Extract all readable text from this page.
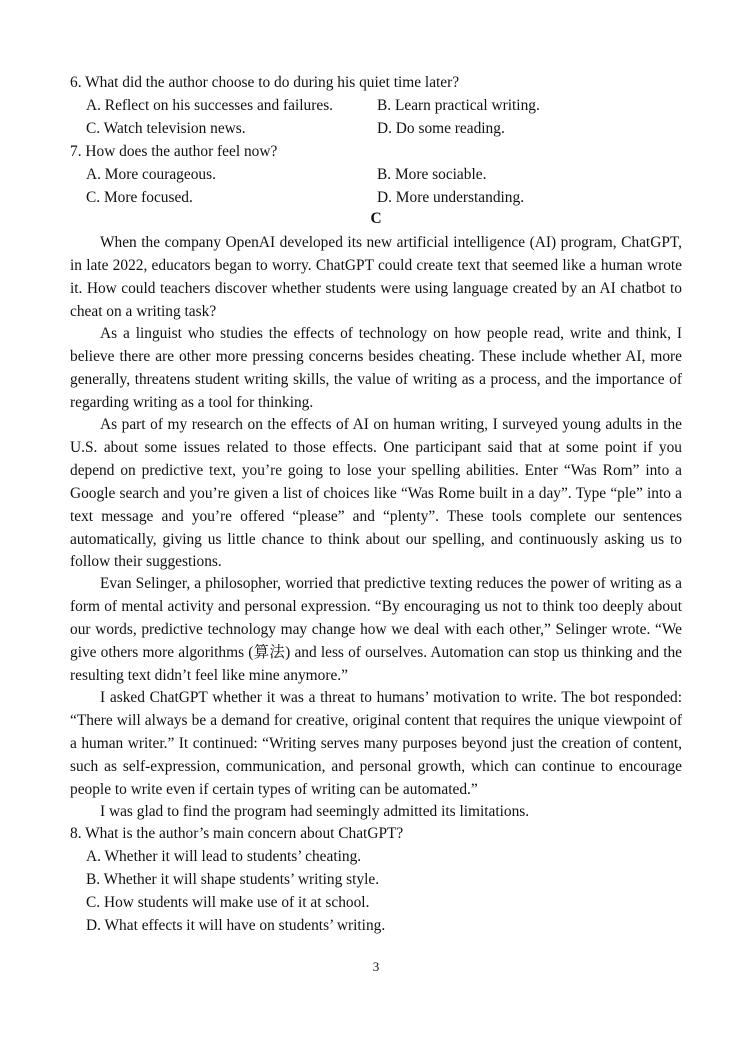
6. What did the author choose to do during his quiet time later?
A. Reflect on his successes and failures.	B. Learn practical writing.
C. Watch television news.	D. Do some reading.
7. How does the author feel now?
A. More courageous.	B. More sociable.
C. More focused.	D. More understanding.
C

When the company OpenAI developed its new artificial intelligence (AI) program, ChatGPT, in late 2022, educators began to worry. ChatGPT could create text that seemed like a human wrote it. How could teachers discover whether students were using language created by an AI chatbot to cheat on a writing task?

As a linguist who studies the effects of technology on how people read, write and think, I believe there are other more pressing concerns besides cheating. These include whether AI, more generally, threatens student writing skills, the value of writing as a process, and the importance of regarding writing as a tool for thinking.

As part of my research on the effects of AI on human writing, I surveyed young adults in the U.S. about some issues related to those effects. One participant said that at some point if you depend on predictive text, you’re going to lose your spelling abilities. Enter “Was Rom” into a Google search and you’re given a list of choices like “Was Rome built in a day”. Type “ple” into a text message and you’re offered “please” and “plenty”. These tools complete our sentences automatically, giving us little chance to think about our spelling, and continuously asking us to follow their suggestions.

Evan Selinger, a philosopher, worried that predictive texting reduces the power of writing as a form of mental activity and personal expression. “By encouraging us not to think too deeply about our words, predictive technology may change how we deal with each other,” Selinger wrote. “We give others more algorithms (算法) and less of ourselves. Automation can stop us thinking and the resulting text didn’t feel like mine anymore.”

I asked ChatGPT whether it was a threat to humans’ motivation to write. The bot responded: “There will always be a demand for creative, original content that requires the unique viewpoint of a human writer.” It continued: “Writing serves many purposes beyond just the creation of content, such as self-expression, communication, and personal growth, which can continue to encourage people to write even if certain types of writing can be automated.”

I was glad to find the program had seemingly admitted its limitations.

8. What is the author’s main concern about ChatGPT?
A. Whether it will lead to students’ cheating.
B. Whether it will shape students’ writing style.
C. How students will make use of it at school.
D. What effects it will have on students’ writing.
3
